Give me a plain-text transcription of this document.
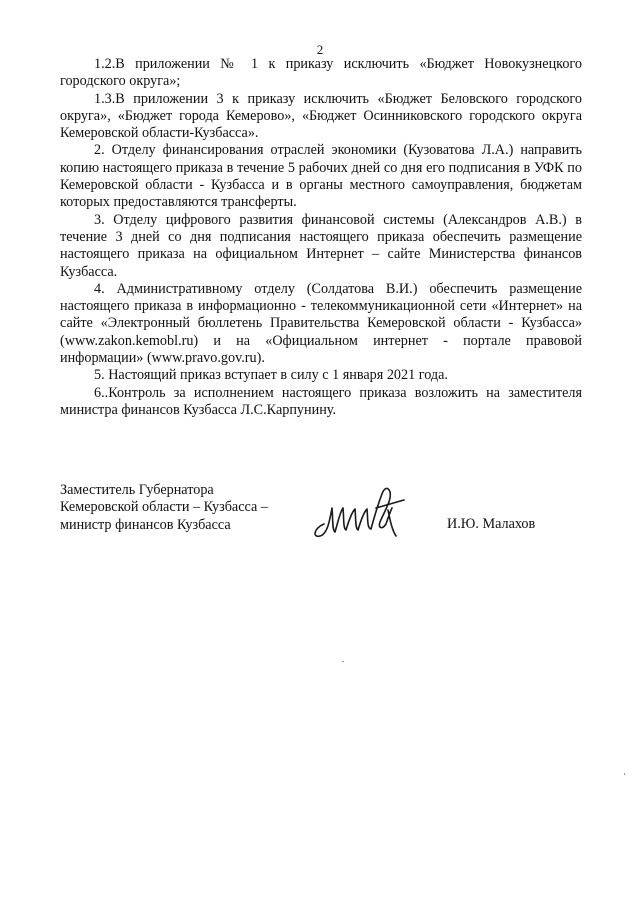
2

1.2.В приложении № 1 к приказу исключить «Бюджет Новокузнецкого городского округа»;

1.3.В приложении 3 к приказу исключить «Бюджет Беловского городского округа», «Бюджет города Кемерово», «Бюджет Осинниковского городского округа Кемеровской области-Кузбасса».

2. Отделу финансирования отраслей экономики (Кузоватова Л.А.) направить копию настоящего приказа в течение 5 рабочих дней со дня его подписания в УФК по Кемеровской области - Кузбасса и в органы местного самоуправления, бюджетам которых предоставляются трансферты.

3. Отделу цифрового развития финансовой системы (Александров А.В.) в течение 3 дней со дня подписания настоящего приказа обеспечить размещение настоящего приказа на официальном Интернет – сайте Министерства финансов Кузбасса.

4. Административному отделу (Солдатова В.И.) обеспечить размещение настоящего приказа в информационно - телекоммуникационной сети «Интернет» на сайте «Электронный бюллетень Правительства Кемеровской области - Кузбасса» (www.zakon.kemobl.ru) и на «Официальном интернет - портале правовой информации» (www.pravo.gov.ru).

5. Настоящий приказ вступает в силу с 1 января 2021 года.

6..Контроль за исполнением настоящего приказа возложить на заместителя министра финансов Кузбасса Л.С.Карпунину.

Заместитель Губернатора
Кемеровской области – Кузбасса –
министр финансов Кузбасса	И.Ю. Малахов
